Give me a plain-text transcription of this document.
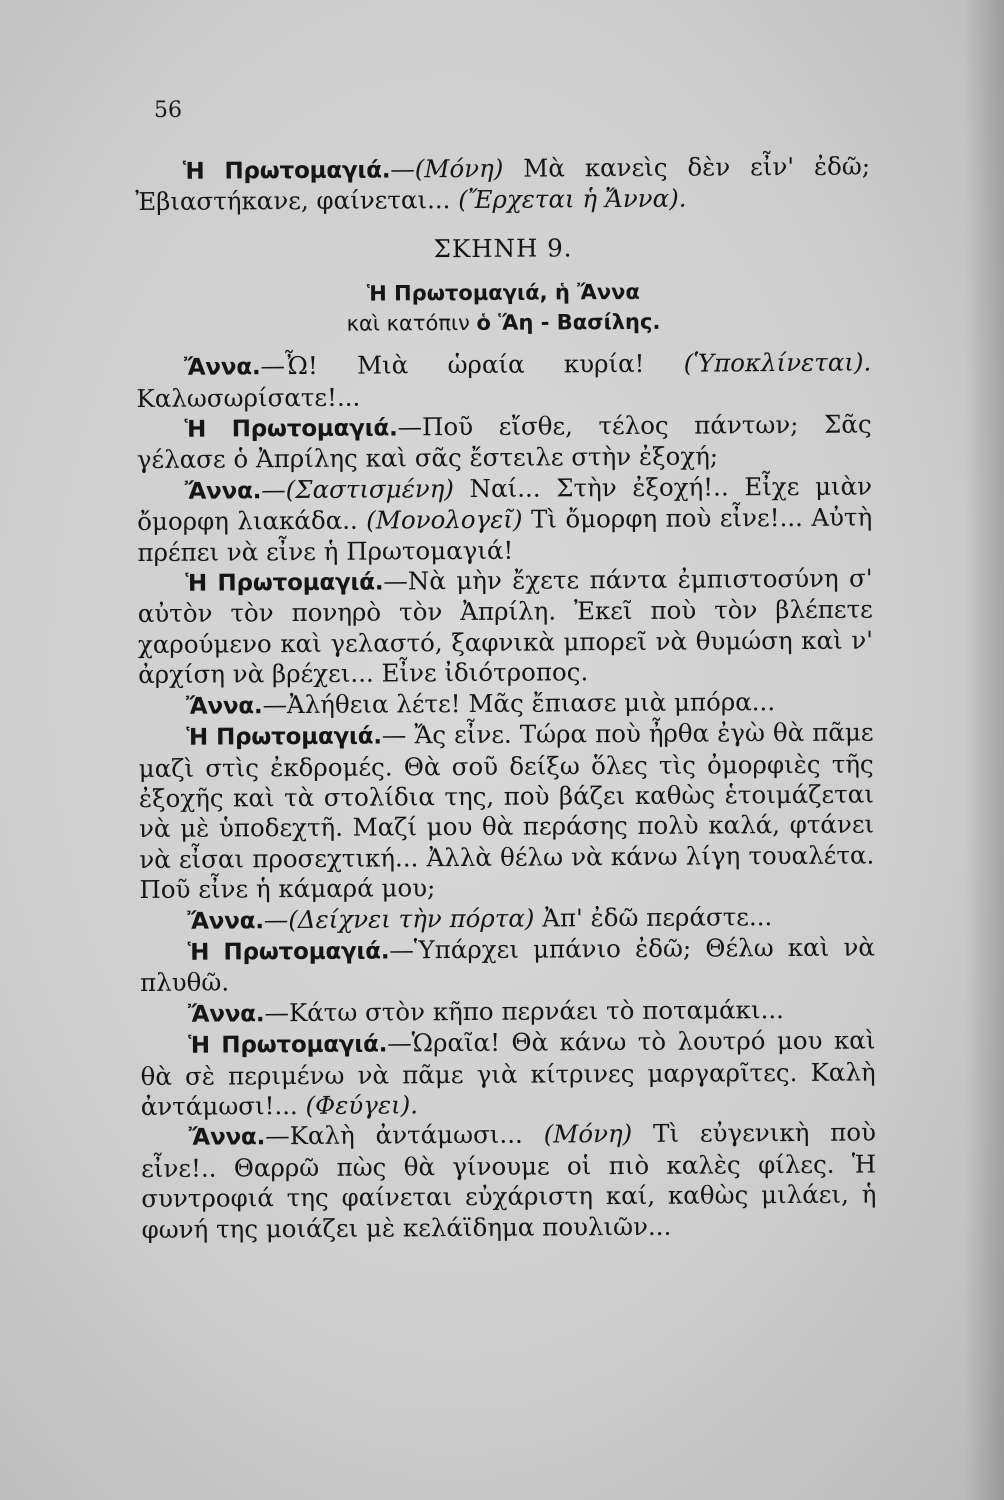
56

Ἡ Πρωτομαγιά.—(Μόνη) Μὰ κανεὶς δὲν εἶν' ἐδῶ; Ἐβιαστήκανε, φαίνεται... (Ἔρχεται ἡ Ἄννα).

ΣΚΗΝΗ 9.

Ἡ Πρωτομαγιά, ἡ Ἄννα
καὶ κατόπιν ὁ Ἅη - Βασίλης.

Ἄννα.—Ὦ! Μιὰ ὡραία κυρία! (Ὑποκλίνεται). Καλωσωρίσατε!...

Ἡ Πρωτομαγιά.—Ποῦ εἴσθε, τέλος πάντων; Σᾶς γέλασε ὁ Ἀπρίλης καὶ σᾶς ἔστειλε στὴν ἐξοχή;

Ἄννα.—(Σαστισμένη) Ναί... Στὴν ἐξοχή!.. Εἶχε μιὰν ὄμορφη λιακάδα.. (Μονολογεῖ) Τὶ ὄμορφη ποὺ εἶνε!... Αὐτὴ πρέπει νὰ εἶνε ἡ Πρωτομαγιά!

Ἡ Πρωτομαγιά.—Νὰ μὴν ἔχετε πάντα ἐμπιστοσύνη σ' αὐτὸν τὸν πονηρὸ τὸν Ἀπρίλη. Ἐκεῖ ποὺ τὸν βλέπετε χαρούμενο καὶ γελαστό, ξαφνικὰ μπορεῖ νὰ θυμώση καὶ ν' ἀρχίση νὰ βρέχει... Εἶνε ἰδιότροπος.

Ἄννα.—Ἀλήθεια λέτε! Μᾶς ἔπιασε μιὰ μπόρα...

Ἡ Πρωτομαγιά.— Ἄς εἶνε. Τώρα ποὺ ἦρθα ἐγὼ θὰ πᾶμε μαζὶ στὶς ἐκδρομές. Θὰ σοῦ δείξω ὅλες τὶς ὀμορφιὲς τῆς ἐξοχῆς καὶ τὰ στολίδια της, ποὺ βάζει καθὼς ἑτοιμάζεται νὰ μὲ ὑποδεχτῆ. Μαζί μου θὰ περάσης πολὺ καλά, φτάνει νὰ εἶσαι προσεχτική... Ἀλλὰ θέλω νὰ κάνω λίγη τουαλέτα. Ποῦ εἶνε ἡ κάμαρά μου;

Ἄννα.—(Δείχνει τὴν πόρτα) Ἀπ' ἐδῶ περάστε...

Ἡ Πρωτομαγιά.—Ὑπάρχει μπάνιο ἐδῶ; Θέλω καὶ νὰ πλυθῶ.

Ἄννα.—Κάτω στὸν κῆπο περνάει τὸ ποταμάκι...

Ἡ Πρωτομαγιά.—Ὡραῖα! Θὰ κάνω τὸ λουτρό μου καὶ θὰ σὲ περιμένω νὰ πᾶμε γιὰ κίτρινες μαργαρῖτες. Καλὴ ἀντάμωσι!... (Φεύγει).

Ἄννα.—Καλὴ ἀντάμωσι... (Μόνη) Τὶ εὐγενικὴ ποὺ εἶνε!.. Θαρρῶ πὼς θὰ γίνουμε οἱ πιὸ καλὲς φίλες. Ἡ συντροφιά της φαίνεται εὐχάριστη καί, καθὼς μιλάει, ἡ φωνή της μοιάζει μὲ κελάϊδημα πουλιῶν...
